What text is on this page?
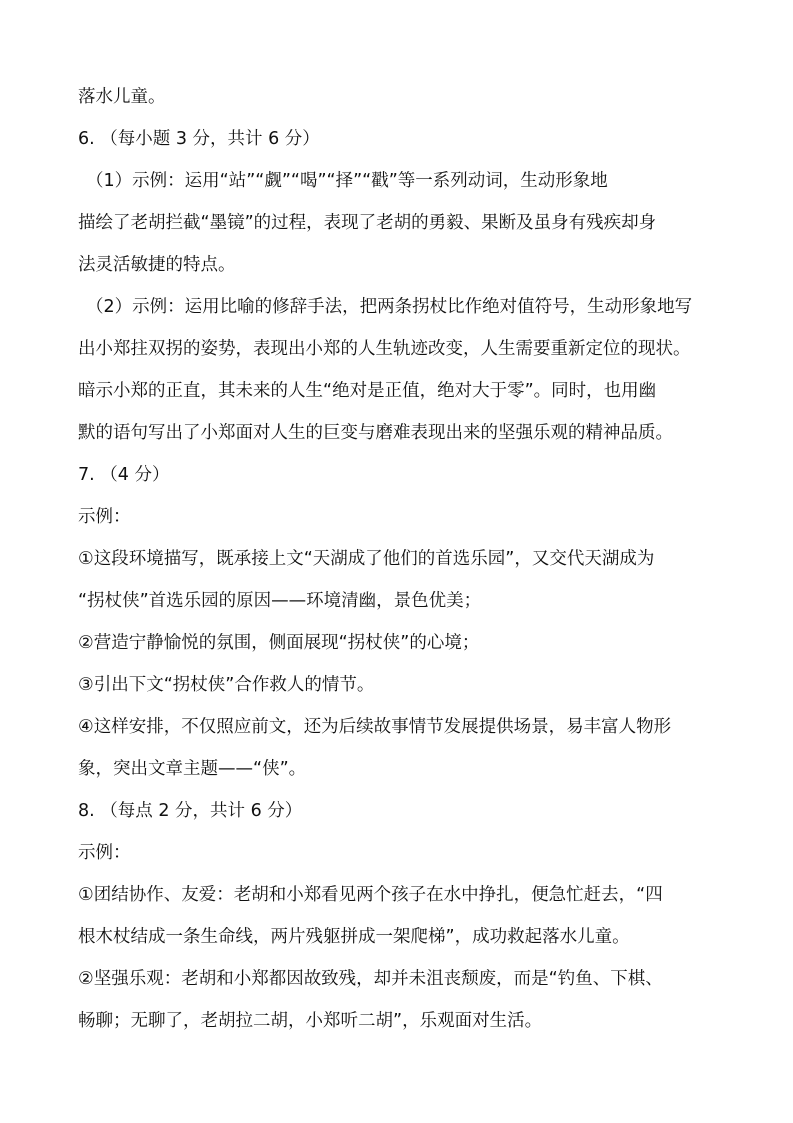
落水儿童。
6. （每小题 3 分，共计 6 分）
（1）示例：运用“站”“觑”“喝”“择”“戳”等一系列动词，生动形象地
描绘了老胡拦截“墨镜”的过程，表现了老胡的勇毅、果断及虽身有残疾却身
法灵活敏捷的特点。
（2）示例：运用比喻的修辞手法，把两条拐杖比作绝对值符号，生动形象地写
出小郑拄双拐的姿势，表现出小郑的人生轨迹改变，人生需要重新定位的现状。
暗示小郑的正直，其未来的人生“绝对是正值，绝对大于零”。同时，也用幽
默的语句写出了小郑面对人生的巨变与磨难表现出来的坚强乐观的精神品质。
7. （4 分）
示例：
①这段环境描写，既承接上文“天湖成了他们的首选乐园”，又交代天湖成为
“拐杖侠”首选乐园的原因——环境清幽，景色优美；
②营造宁静愉悦的氛围，侧面展现“拐杖侠”的心境；
③引出下文“拐杖侠”合作救人的情节。
④这样安排，不仅照应前文，还为后续故事情节发展提供场景，易丰富人物形
象，突出文章主题——“侠”。
8. （每点 2 分，共计 6 分）
示例：
①团结协作、友爱：老胡和小郑看见两个孩子在水中挣扎，便急忙赶去，“四
根木杖结成一条生命线，两片残躯拼成一架爬梯”，成功救起落水儿童。
②坚强乐观：老胡和小郑都因故致残，却并未沮丧颓废，而是“钓鱼、下棋、
畅聊；无聊了，老胡拉二胡，小郑听二胡”，乐观面对生活。
